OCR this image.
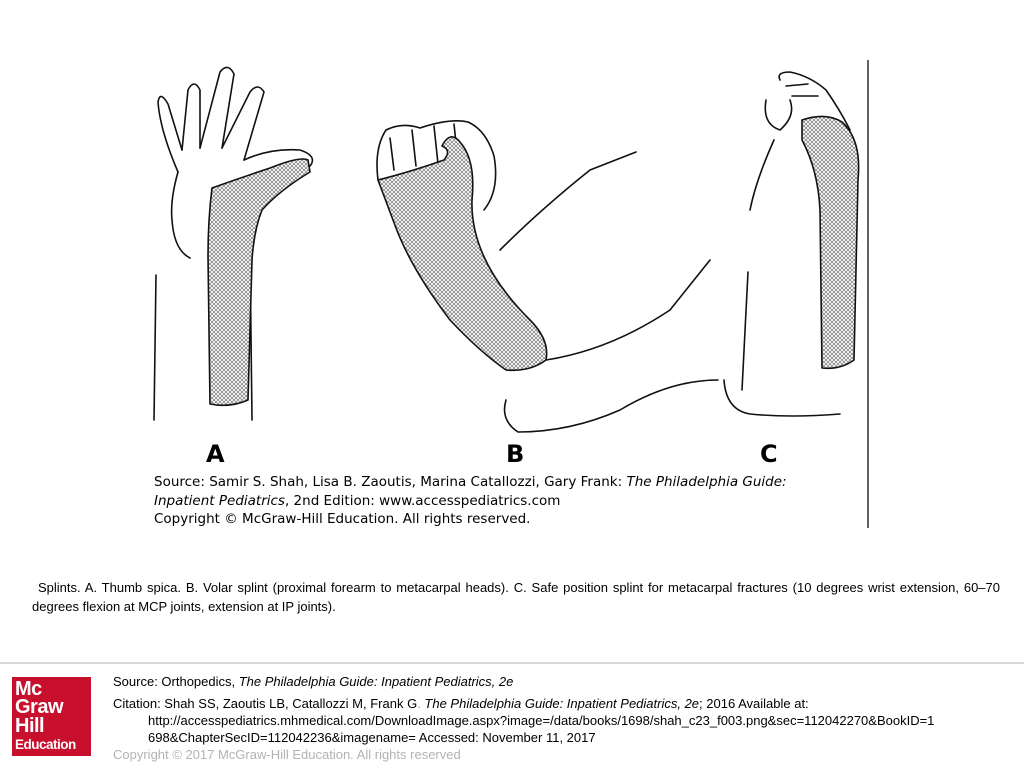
A	B	C
Source: Samir S. Shah, Lisa B. Zaoutis, Marina Catallozzi, Gary Frank: The Philadelphia Guide:
Inpatient Pediatrics, 2nd Edition: www.accesspediatrics.com
Copyright © McGraw-Hill Education. All rights reserved.
Splints. A. Thumb spica. B. Volar splint (proximal forearm to metacarpal heads). C. Safe position splint for metacarpal fractures (10 degrees wrist extension, 60–70 degrees flexion at MCP joints, extension at IP joints).
Mc
Graw
Hill
Education
Source: Orthopedics, The Philadelphia Guide: Inpatient Pediatrics, 2e
Citation: Shah SS, Zaoutis LB, Catallozzi M, Frank G. The Philadelphia Guide: Inpatient Pediatrics, 2e; 2016 Available at:
http://accesspediatrics.mhmedical.com/DownloadImage.aspx?image=/data/books/1698/shah_c23_f003.png&sec=112042270&BookID=1
698&ChapterSecID=112042236&imagename= Accessed: November 11, 2017
Copyright © 2017 McGraw-Hill Education. All rights reserved
